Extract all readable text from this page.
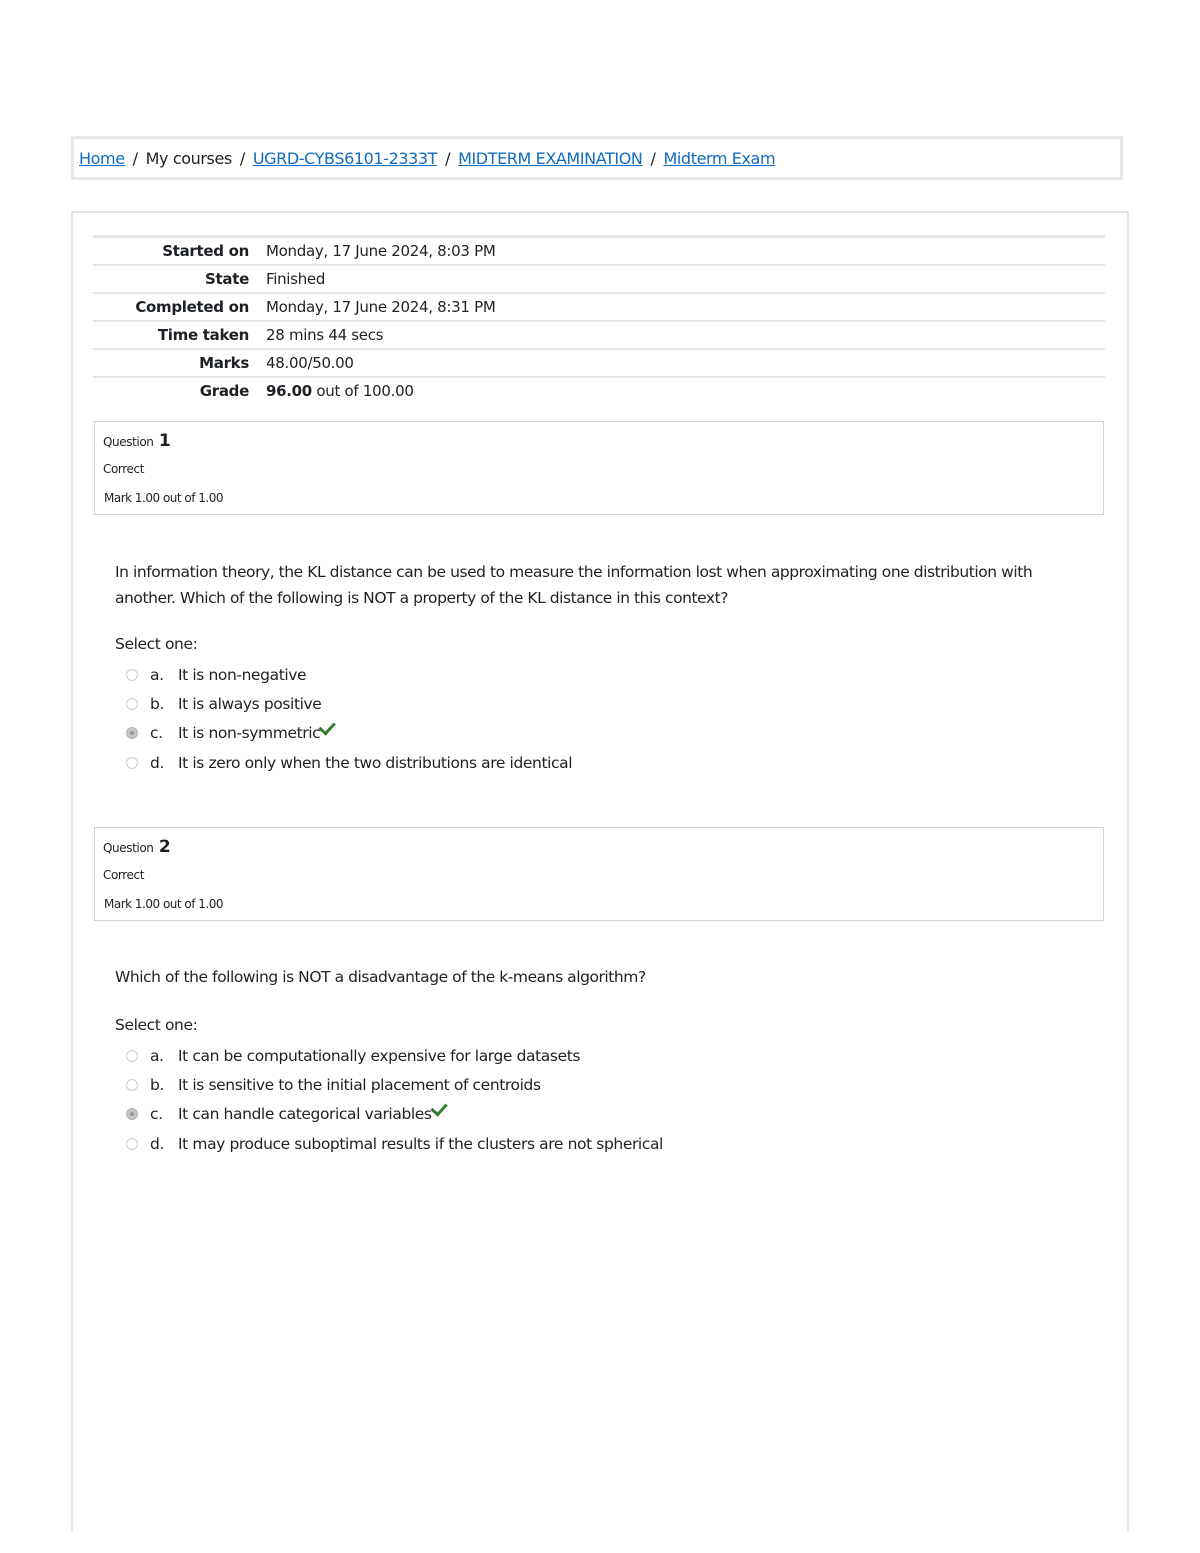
Home / My courses / UGRD-CYBS6101-2333T / MIDTERM EXAMINATION / Midterm Exam
Started on	Monday, 17 June 2024, 8:03 PM
State	Finished
Completed on	Monday, 17 June 2024, 8:31 PM
Time taken	28 mins 44 secs
Marks	48.00/50.00
Grade	96.00 out of 100.00
Question 1
Correct
Mark 1.00 out of 1.00
In information theory, the KL distance can be used to measure the information lost when approximating one distribution with another. Which of the following is NOT a property of the KL distance in this context?
Select one:
a. It is non-negative
b. It is always positive
c. It is non-symmetric
d. It is zero only when the two distributions are identical
Question 2
Correct
Mark 1.00 out of 1.00
Which of the following is NOT a disadvantage of the k-means algorithm?
Select one:
a. It can be computationally expensive for large datasets
b. It is sensitive to the initial placement of centroids
c. It can handle categorical variables
d. It may produce suboptimal results if the clusters are not spherical
